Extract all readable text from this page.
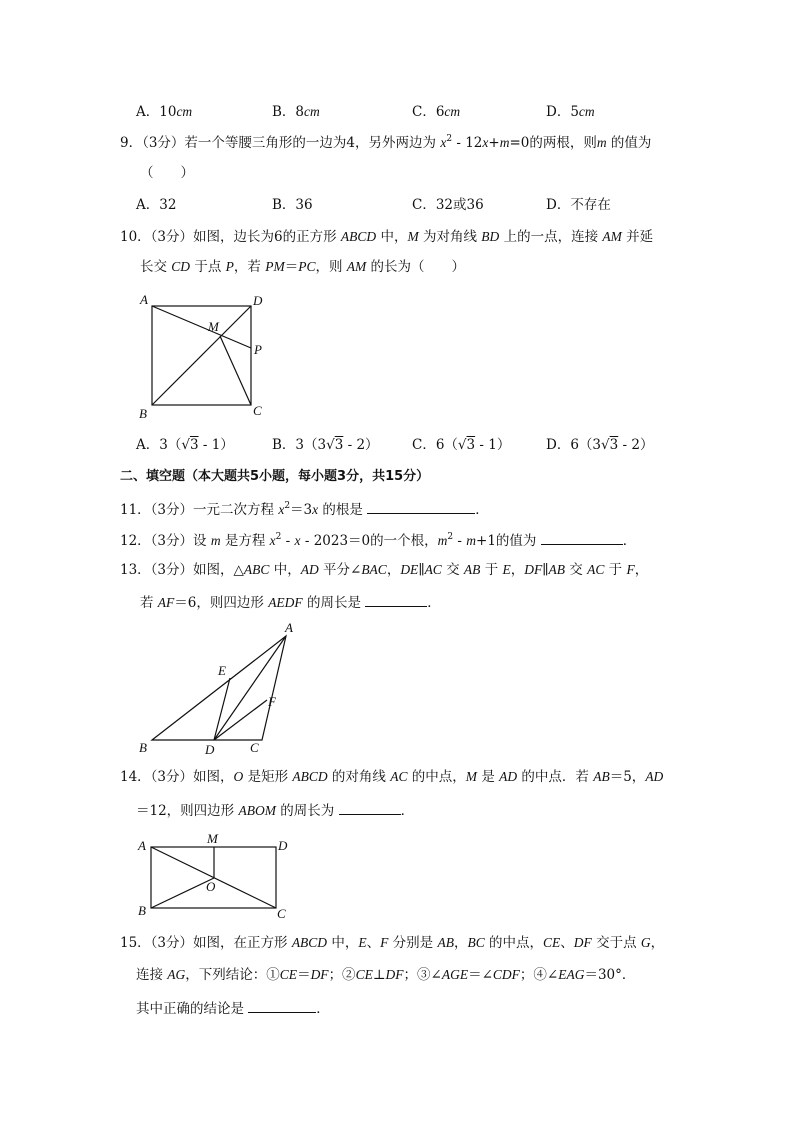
A．10cm	B．8cm	C．6cm	D．5cm
9．（3分）若一个等腰三角形的一边为4，另外两边为 $x^2 - 12x+m=0$的两根，则m 的值为
（　　）
A．32	B．36	C．32或36	D．不存在
10．（3分）如图，边长为6的正方形 ABCD 中，M 为对角线 BD 上的一点，连接 AM 并延
长交 CD 于点 P，若 PM＝PC，则 AM 的长为（　　）
A	D
M
P
B	C
A．3（√3 - 1）	B．3（3√3 - 2） C．6（√3 - 1）	D．6（3√3 - 2）
二、填空题（本大题共5小题，每小题3分，共15分）
11．（3分）一元二次方程 $x^2=3x$ 的根是	．
12．（3分）设 m 是方程 $x^2 - x - 2023=0$的一个根，$m^2 - m+1$的值为	．
13．（3分）如图，△ABC 中，AD 平分∠BAC，DE∥AC 交 AB 于 E，DF∥AB 交 AC 于 F，
若 AF＝6，则四边形 AEDF 的周长是	．
A
E
F
B	D	C
14．（3分）如图，O 是矩形 ABCD 的对角线 AC 的中点，M 是 AD 的中点．若 AB＝5，AD
＝12，则四边形 ABOM 的周长为	．
A	M	D
O
B	C
15．（3分）如图，在正方形 ABCD 中，E、F 分别是 AB，BC 的中点，CE、DF 交于点 G，
连接 AG，下列结论：①CE＝DF；②CE⊥DF；③∠AGE＝∠CDF；④∠EAG＝30°．
其中正确的结论是	．
